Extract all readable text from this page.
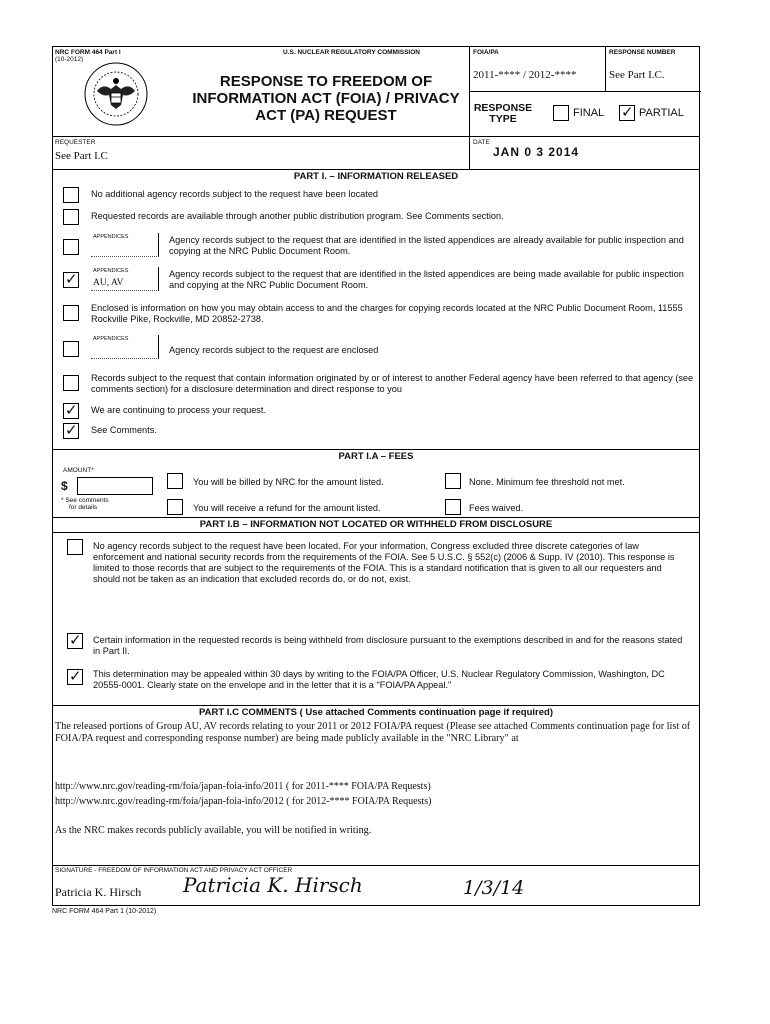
NRC FORM 464 Part I
(10-2012)
U.S. NUCLEAR REGULATORY COMMISSION
RESPONSE TO FREEDOM OF
INFORMATION ACT (FOIA) / PRIVACY
ACT (PA) REQUEST
FOIA/PA
2011-**** / 2012-****
RESPONSE NUMBER
See Part I.C.
RESPONSE
TYPE	FINAL ✓ PARTIAL
REQUESTER
See Part I.C
DATE
JAN 0 3 2014
PART I. – INFORMATION RELEASED
No additional agency records subject to the request have been located
Requested records are available through another public distribution program. See Comments section.
APPENDICES	Agency records subject to the request that are identified in the listed appendices are already available for public inspection and copying at the NRC Public Document Room.
✓	APPENDICES
AU, AV
Agency records subject to the request that are identified in the listed appendices are being made available for public inspection and copying at the NRC Public Document Room.
Enclosed is information on how you may obtain access to and the charges for copying records located at the NRC Public Document Room, 11555 Rockville Pike, Rockville, MD 20852-2738.
APPENDICES
Agency records subject to the request are enclosed
Records subject to the request that contain information originated by or of interest to another Federal agency have been referred to that agency (see comments section) for a disclosure determination and direct response to you
✓ We are continuing to process your request.
✓ See Comments.
PART I.A – FEES
AMOUNT*
$
* See comments
for details
You will be billed by NRC for the amount listed.
You will receive a refund for the amount listed.
None. Minimum fee threshold not met.
Fees waived.
PART I.B – INFORMATION NOT LOCATED OR WITHHELD FROM DISCLOSURE
No agency records subject to the request have been located. For your information, Congress excluded three discrete categories of law enforcement and national security records from the requirements of the FOIA. See 5 U.S.C. § 552(c) (2006 & Supp. IV (2010). This response is limited to those records that are subject to the requirements of the FOIA. This is a standard notification that is given to all our requesters and should not be taken as an indication that excluded records do, or do not, exist.
✓ Certain information in the requested records is being withheld from disclosure pursuant to the exemptions described in and for the reasons stated in Part II.
✓ This determination may be appealed within 30 days by writing to the FOIA/PA Officer, U.S. Nuclear Regulatory Commission, Washington, DC 20555-0001. Clearly state on the envelope and in the letter that it is a "FOIA/PA Appeal."
PART I.C COMMENTS ( Use attached Comments continuation page if required)
The released portions of Group AU, AV records relating to your 2011 or 2012 FOIA/PA request (Please see attached Comments continuation page for list of FOIA/PA request and corresponding response number) are being made publicly available in the "NRC Library" at
http://www.nrc.gov/reading-rm/foia/japan-foia-info/2011 ( for 2011-**** FOIA/PA Requests)
http://www.nrc.gov/reading-rm/foia/japan-foia-info/2012 ( for 2012-**** FOIA/PA Requests)
As the NRC makes records publicly available, you will be notified in writing.
SIGNATURE - FREEDOM OF INFORMATION ACT AND PRIVACY ACT OFFICER
Patricia K. Hirsch Patricia K. Hirsch	1/3/14
NRC FORM 464 Part 1 (10-2012)
